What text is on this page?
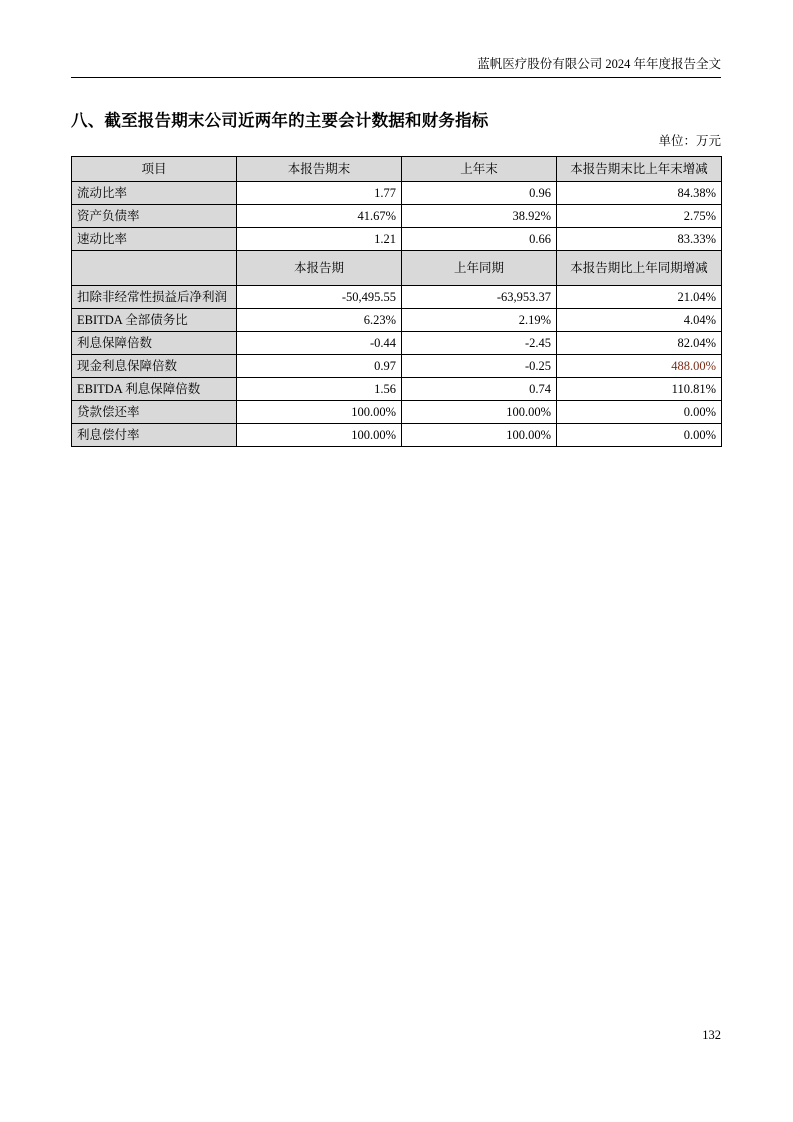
蓝帆医疗股份有限公司 2024 年年度报告全文
八、截至报告期末公司近两年的主要会计数据和财务指标
单位：万元
项目	本报告期末	上年末	本报告期末比上年末增减
流动比率	1.77	0.96	84.38%
资产负债率	41.67%	38.92%	2.75%
速动比率	1.21	0.66	83.33%
	本报告期	上年同期	本报告期比上年同期增减
扣除非经常性损益后净利润	-50,495.55	-63,953.37	21.04%
EBITDA 全部债务比	6.23%	2.19%	4.04%
利息保障倍数	-0.44	-2.45	82.04%
现金利息保障倍数	0.97	-0.25	488.00%
EBITDA 利息保障倍数	1.56	0.74	110.81%
贷款偿还率	100.00%	100.00%	0.00%
利息偿付率	100.00%	100.00%	0.00%
132
